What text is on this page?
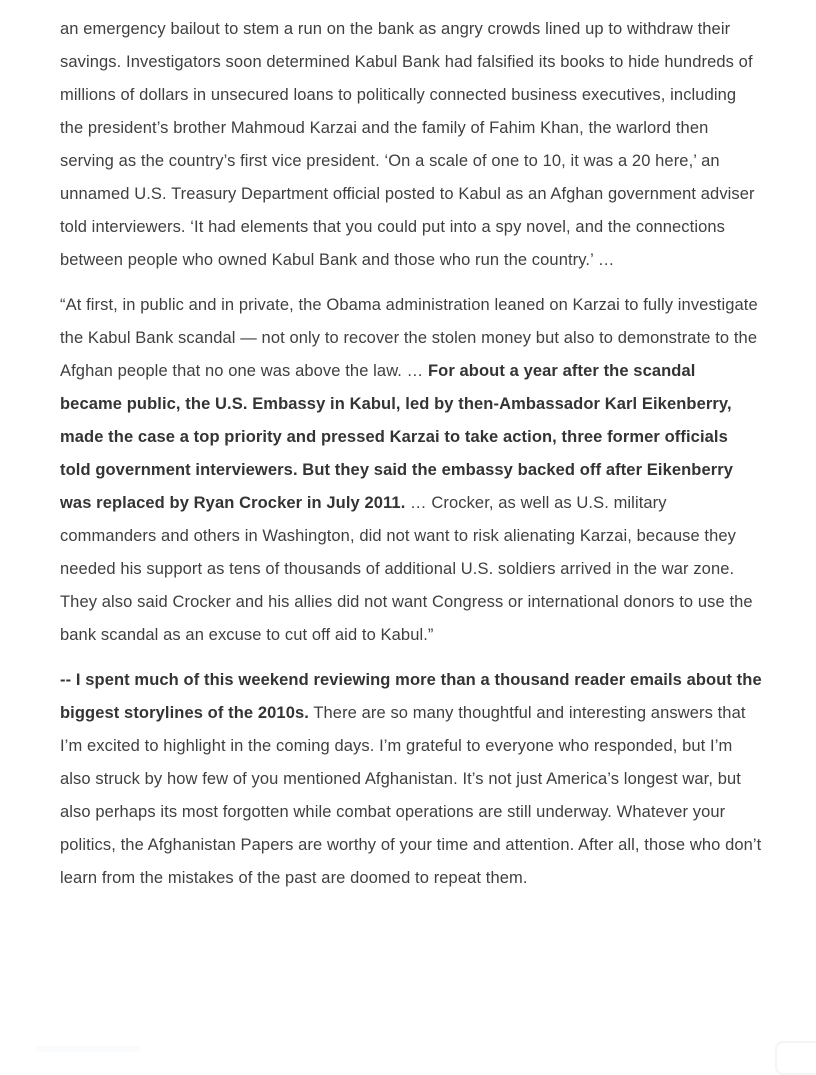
an emergency bailout to stem a run on the bank as angry crowds lined up to withdraw their savings. Investigators soon determined Kabul Bank had falsified its books to hide hundreds of millions of dollars in unsecured loans to politically connected business executives, including the president’s brother Mahmoud Karzai and the family of Fahim Khan, the warlord then serving as the country’s first vice president. ‘On a scale of one to 10, it was a 20 here,’ an unnamed U.S. Treasury Department official posted to Kabul as an Afghan government adviser told interviewers. ‘It had elements that you could put into a spy novel, and the connections between people who owned Kabul Bank and those who run the country.’ …

“At first, in public and in private, the Obama administration leaned on Karzai to fully investigate the Kabul Bank scandal — not only to recover the stolen money but also to demonstrate to the Afghan people that no one was above the law. … For about a year after the scandal became public, the U.S. Embassy in Kabul, led by then-Ambassador Karl Eikenberry, made the case a top priority and pressed Karzai to take action, three former officials told government interviewers. But they said the embassy backed off after Eikenberry was replaced by Ryan Crocker in July 2011. … Crocker, as well as U.S. military commanders and others in Washington, did not want to risk alienating Karzai, because they needed his support as tens of thousands of additional U.S. soldiers arrived in the war zone. They also said Crocker and his allies did not want Congress or international donors to use the bank scandal as an excuse to cut off aid to Kabul.”

-- I spent much of this weekend reviewing more than a thousand reader emails about the biggest storylines of the 2010s. There are so many thoughtful and interesting answers that I’m excited to highlight in the coming days. I’m grateful to everyone who responded, but I’m also struck by how few of you mentioned Afghanistan. It’s not just America’s longest war, but also perhaps its most forgotten while combat operations are still underway. Whatever your politics, the Afghanistan Papers are worthy of your time and attention. After all, those who don’t learn from the mistakes of the past are doomed to repeat them.
